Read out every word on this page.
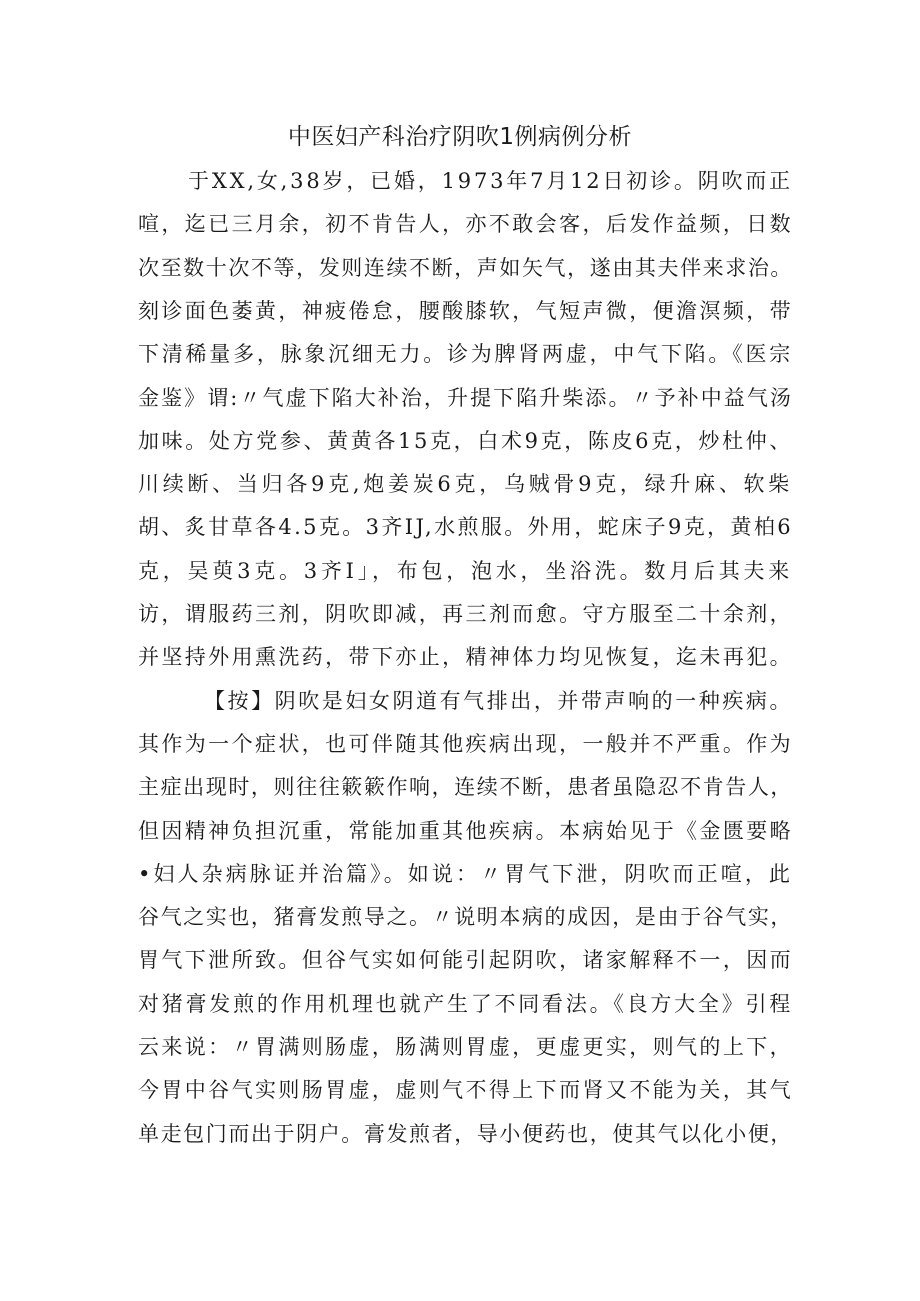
中医妇产科治疗阴吹1例病例分析
于XX,女,38岁，已婚，1973年7月12日初诊。阴吹而正
喧，迄已三月余，初不肯告人，亦不敢会客，后发作益频，日数
次至数十次不等，发则连续不断，声如矢气，遂由其夫伴来求治。
刻诊面色萎黄，神疲倦怠，腰酸膝软，气短声微，便澹溟频，带
下清稀量多，脉象沉细无力。诊为脾肾两虚，中气下陷。《医宗
金鉴》谓:〃气虚下陷大补治，升提下陷升柴添。〃予补中益气汤
加味。处方党参、黄黄各15克，白术9克，陈皮6克，炒杜仲、
川续断、当归各9克,炮姜炭6克，乌贼骨9克，绿升麻、软柴
胡、炙甘草各4.5克。3齐IJ,水煎服。外用，蛇床子9克，黄柏6
克，吴萸3克。3齐I」，布包，泡水，坐浴洗。数月后其夫来
访，谓服药三剂，阴吹即减，再三剂而愈。守方服至二十余剂，
并坚持外用熏洗药，带下亦止，精神体力均见恢复，迄未再犯。
【按】阴吹是妇女阴道有气排出，并带声响的一种疾病。
其作为一个症状，也可伴随其他疾病出现，一般并不严重。作为
主症出现时，则往往簌簌作响，连续不断，患者虽隐忍不肯告人，
但因精神负担沉重，常能加重其他疾病。本病始见于《金匮要略
•妇人杂病脉证并治篇》。如说：〃胃气下泄，阴吹而正喧，此
谷气之实也，猪膏发煎导之。〃说明本病的成因，是由于谷气实，
胃气下泄所致。但谷气实如何能引起阴吹，诸家解释不一，因而
对猪膏发煎的作用机理也就产生了不同看法。《良方大全》引程
云来说：〃胃满则肠虚，肠满则胃虚，更虚更实，则气的上下，
今胃中谷气实则肠胃虚，虚则气不得上下而肾又不能为关，其气
单走包门而出于阴户。膏发煎者，导小便药也，使其气以化小便，
